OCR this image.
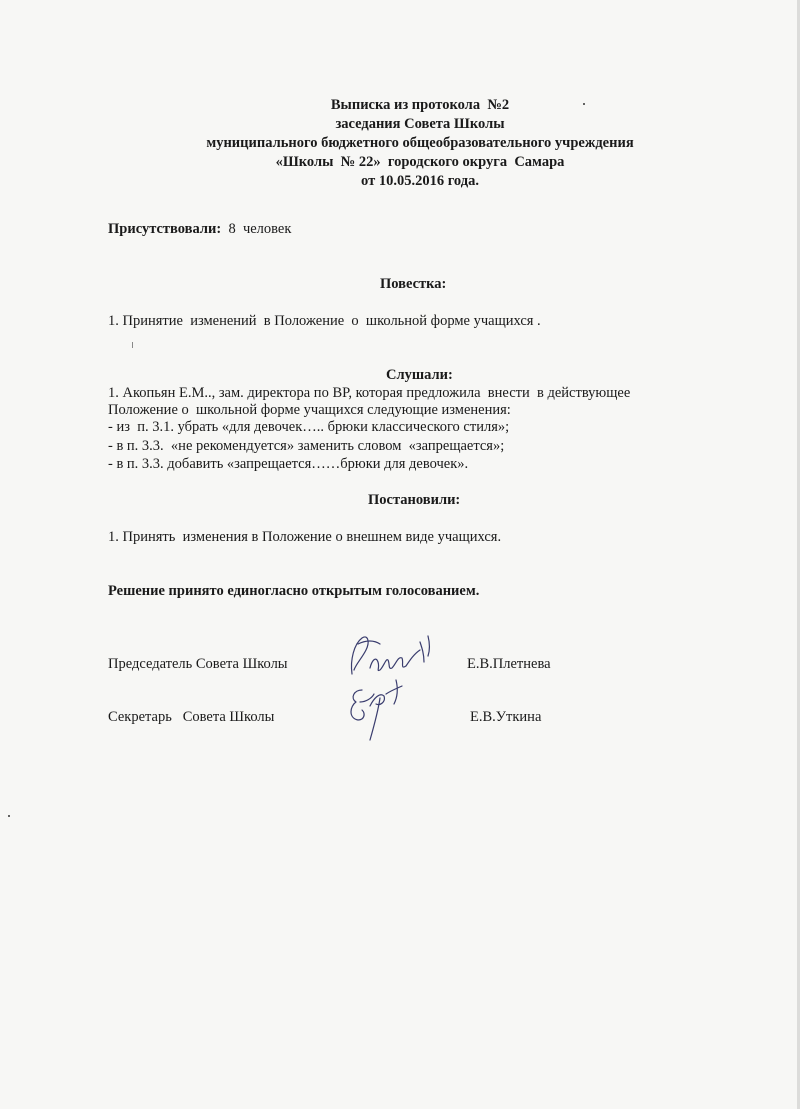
Выписка из протокола  №2
заседания Совета Школы
муниципального бюджетного общеобразовательного учреждения
«Школы  № 22»  городского округа  Самара
от 10.05.2016 года.
Присутствовали: 8  человек
Повестка:
1. Принятие  изменений  в Положение  о  школьной форме учащихся .
Слушали:
1. Акопьян Е.М.., зам. директора по ВР, которая предложила  внести  в действующее
Положение о  школьной форме учащихся следующие изменения:
- из  п. 3.1. убрать «для девочек….. брюки классического стиля»;
- в п. 3.3.  «не рекомендуется» заменить словом  «запрещается»;
- в п. 3.3. добавить «запрещается……брюки для девочек».
Постановили:
1. Принять  изменения в Положение о внешнем виде учащихся.
Решение принято единогласно открытым голосованием.
Председатель Совета Школы	Е.В.Плетнева
Секретарь   Совета Школы	Е.В.Уткина
